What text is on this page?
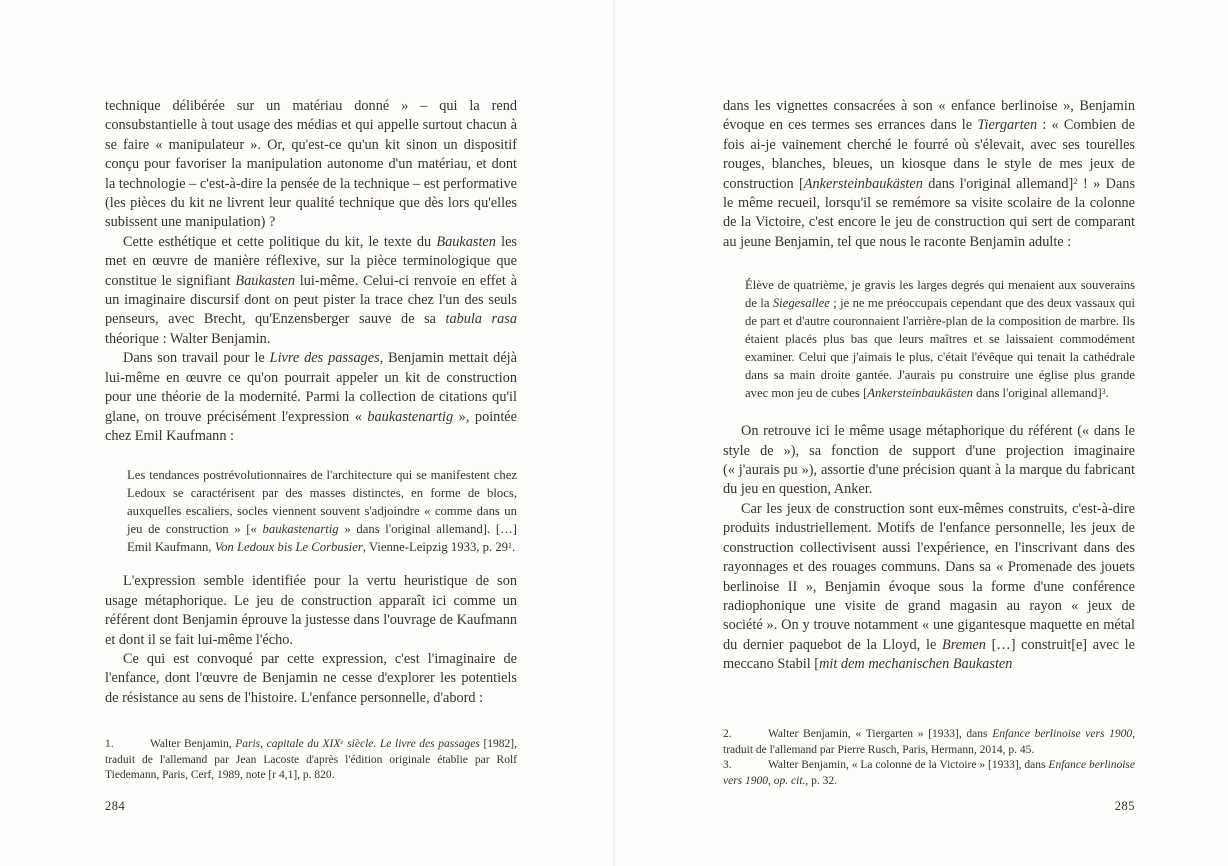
technique délibérée sur un matériau donné » – qui la rend consubstantielle à tout usage des médias et qui appelle surtout chacun à se faire « manipulateur ». Or, qu'est-ce qu'un kit sinon un dispositif conçu pour favoriser la manipulation autonome d'un matériau, et dont la technologie – c'est-à-dire la pensée de la technique – est performative (les pièces du kit ne livrent leur qualité technique que dès lors qu'elles subissent une manipulation) ?

Cette esthétique et cette politique du kit, le texte du Baukasten les met en œuvre de manière réflexive, sur la pièce terminologique que constitue le signifiant Baukasten lui-même. Celui-ci renvoie en effet à un imaginaire discursif dont on peut pister la trace chez l'un des seuls penseurs, avec Brecht, qu'Enzensberger sauve de sa tabula rasa théorique : Walter Benjamin.

Dans son travail pour le Livre des passages, Benjamin mettait déjà lui-même en œuvre ce qu'on pourrait appeler un kit de construction pour une théorie de la modernité. Parmi la collection de citations qu'il glane, on trouve précisément l'expression « baukastenartig », pointée chez Emil Kaufmann :

Les tendances postrévolutionnaires de l'architecture qui se manifestent chez Ledoux se caractérisent par des masses distinctes, en forme de blocs, auxquelles escaliers, socles viennent souvent s'adjoindre « comme dans un jeu de construction » [« baukastenartig » dans l'original allemand]. […] Emil Kaufmann, Von Ledoux bis Le Corbusier, Vienne-Leipzig 1933, p. $29^1$.

L'expression semble identifiée pour la vertu heuristique de son usage métaphorique. Le jeu de construction apparaît ici comme un référent dont Benjamin éprouve la justesse dans l'ouvrage de Kaufmann et dont il se fait lui-même l'écho.

Ce qui est convoqué par cette expression, c'est l'imaginaire de l'enfance, dont l'œuvre de Benjamin ne cesse d'explorer les potentiels de résistance au sens de l'histoire. L'enfance personnelle, d'abord :

1.	Walter Benjamin, Paris, capitale du XIXe siècle. Le livre des passages [1982], traduit de l'allemand par Jean Lacoste d'après l'édition originale établie par Rolf Tiedemann, Paris, Cerf, 1989, note [r 4,1], p. 820.

284

dans les vignettes consacrées à son « enfance berlinoise », Benjamin évoque en ces termes ses errances dans le Tiergarten : « Combien de fois ai-je vainement cherché le fourré où s'élevait, avec ses tourelles rouges, blanches, bleues, un kiosque dans le style de mes jeux de construction [Ankersteinbaukästen dans l'original allemand]$^2$ ! » Dans le même recueil, lorsqu'il se remémore sa visite scolaire de la colonne de la Victoire, c'est encore le jeu de construction qui sert de comparant au jeune Benjamin, tel que nous le raconte Benjamin adulte :

Élève de quatrième, je gravis les larges degrés qui menaient aux souverains de la Siegesallee ; je ne me préoccupais cependant que des deux vassaux qui de part et d'autre couronnaient l'arrière-plan de la composition de marbre. Ils étaient placés plus bas que leurs maîtres et se laissaient commodément examiner. Celui que j'aimais le plus, c'était l'évêque qui tenait la cathédrale dans sa main droite gantée. J'aurais pu construire une église plus grande avec mon jeu de cubes [Ankersteinbaukästen dans l'original allemand]$^3$.

On retrouve ici le même usage métaphorique du référent (« dans le style de »), sa fonction de support d'une projection imaginaire (« j'aurais pu »), assortie d'une précision quant à la marque du fabricant du jeu en question, Anker.

Car les jeux de construction sont eux-mêmes construits, c'est-à-dire produits industriellement. Motifs de l'enfance personnelle, les jeux de construction collectivisent aussi l'expérience, en l'inscrivant dans des rayonnages et des rouages communs. Dans sa « Promenade des jouets berlinoise II », Benjamin évoque sous la forme d'une conférence radiophonique une visite de grand magasin au rayon « jeux de société ». On y trouve notamment « une gigantesque maquette en métal du dernier paquebot de la Lloyd, le Bremen […] construit[e] avec le meccano Stabil [mit dem mechanischen Baukasten

2.	Walter Benjamin, « Tiergarten » [1933], dans Enfance berlinoise vers 1900, traduit de l'allemand par Pierre Rusch, Paris, Hermann, 2014, p. 45.

3.	Walter Benjamin, « La colonne de la Victoire » [1933], dans Enfance berlinoise vers 1900, op. cit., p. 32.

285
